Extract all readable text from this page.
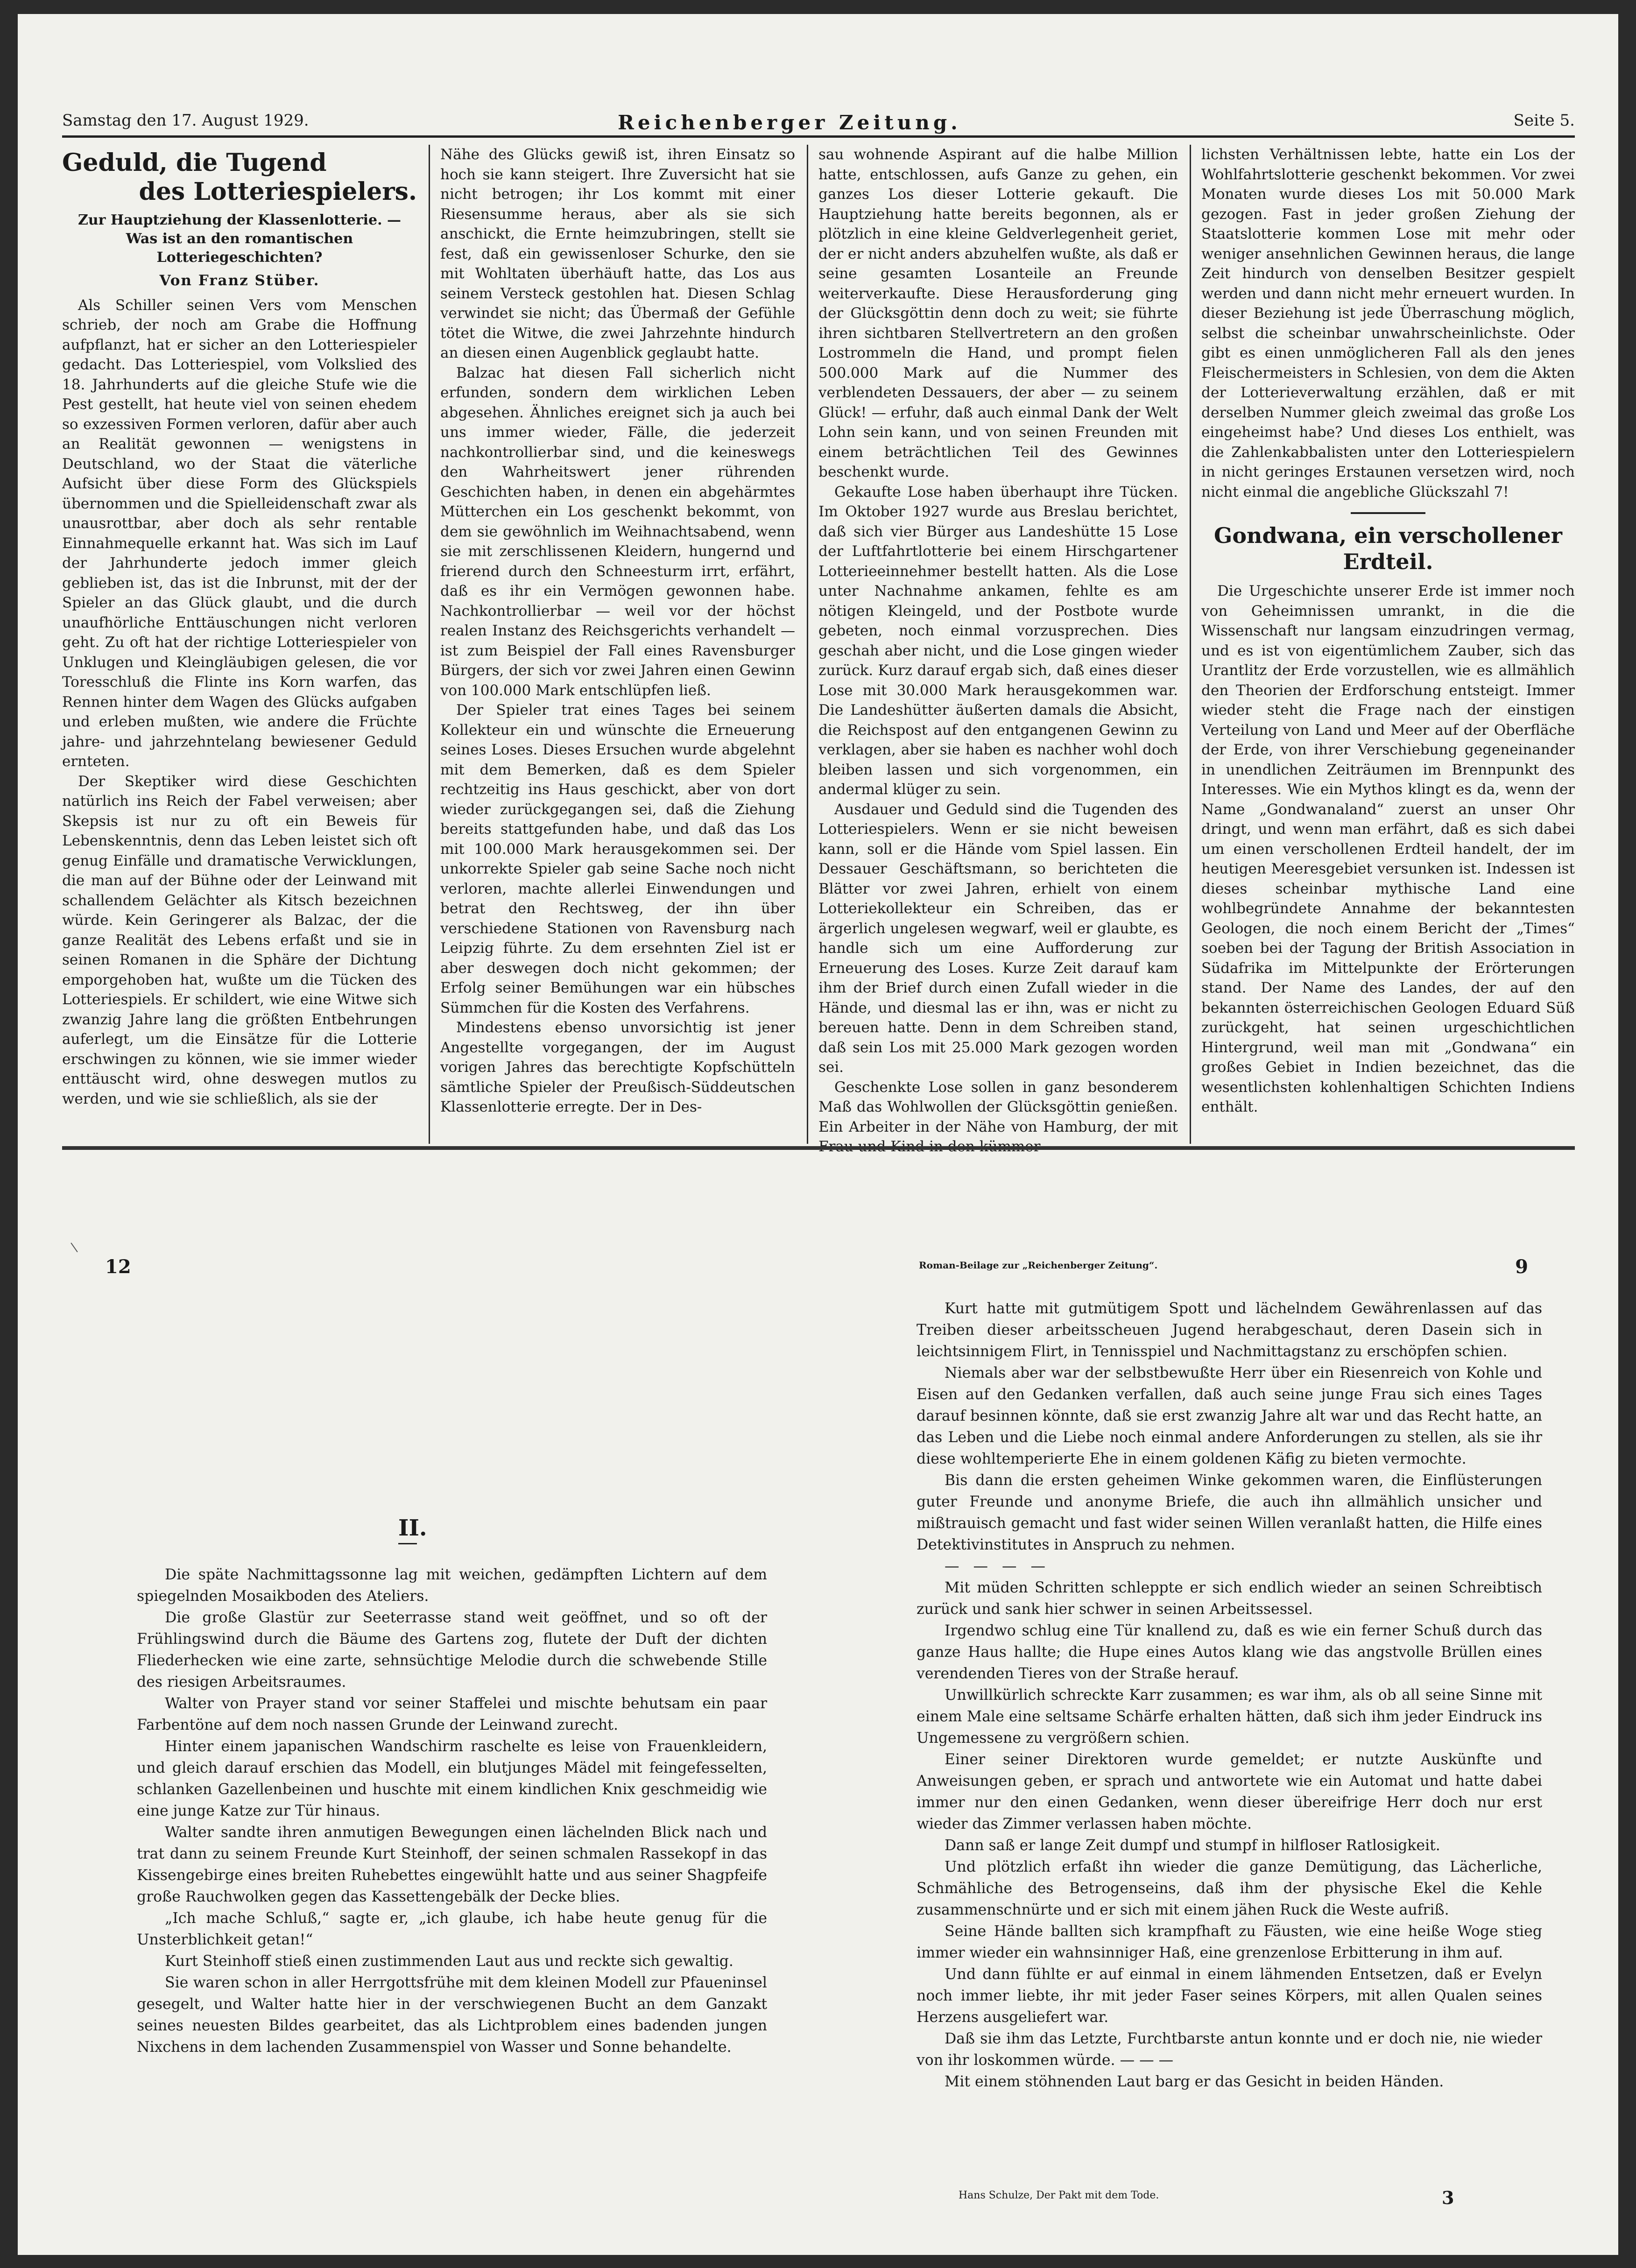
Samstag den 17. August 1929.	Reichenberger Zeitung.	Seite 5.
Geduld, die Tugend
des Lotteriespielers.
Zur Hauptziehung der Klassenlotterie. — Was ist an den romantischen Lotteriegeschichten?
Von Franz Stüber.

Als Schiller seinen Vers vom Menschen schrieb, der noch am Grabe die Hoffnung aufpflanzt, hat er sicher an den Lotteriespieler gedacht. Das Lotteriespiel, vom Volkslied des 18. Jahrhunderts auf die gleiche Stufe wie die Pest gestellt, hat heute viel von seinen ehedem so exzessiven Formen verloren, dafür aber auch an Realität gewonnen — wenigstens in Deutschland, wo der Staat die väterliche Aufsicht über diese Form des Glückspiels übernommen und die Spielleidenschaft zwar als unausrottbar, aber doch als sehr rentable Einnahmequelle erkannt hat. Was sich im Lauf der Jahrhunderte jedoch immer gleich geblieben ist, das ist die Inbrunst, mit der der Spieler an das Glück glaubt, und die durch unaufhörliche Enttäuschungen nicht verloren geht. Zu oft hat der richtige Lotteriespieler von Unklugen und Kleingläubigen gelesen, die vor Toresschluß die Flinte ins Korn warfen, das Rennen hinter dem Wagen des Glücks aufgaben und erleben mußten, wie andere die Früchte jahre- und jahrzehntelang bewiesener Geduld ernteten.

Der Skeptiker wird diese Geschichten natürlich ins Reich der Fabel verweisen; aber Skepsis ist nur zu oft ein Beweis für Lebenskenntnis, denn das Leben leistet sich oft genug Einfälle und dramatische Verwicklungen, die man auf der Bühne oder der Leinwand mit schallendem Gelächter als Kitsch bezeichnen würde. Kein Geringerer als Balzac, der die ganze Realität des Lebens erfaßt und sie in seinen Romanen in die Sphäre der Dichtung emporgehoben hat, wußte um die Tücken des Lotteriespiels. Er schildert, wie eine Witwe sich zwanzig Jahre lang die größten Entbehrungen auferlegt, um die Einsätze für die Lotterie erschwingen zu können, wie sie immer wieder enttäuscht wird, ohne deswegen mutlos zu werden, und wie sie schließlich, als sie der

Nähe des Glücks gewiß ist, ihren Einsatz so hoch sie kann steigert. Ihre Zuversicht hat sie nicht betrogen; ihr Los kommt mit einer Riesensumme heraus, aber als sie sich anschickt, die Ernte heimzubringen, stellt sie fest, daß ein gewissenloser Schurke, den sie mit Wohltaten überhäuft hatte, das Los aus seinem Versteck gestohlen hat. Diesen Schlag verwindet sie nicht; das Übermaß der Gefühle tötet die Witwe, die zwei Jahrzehnte hindurch an diesen einen Augenblick geglaubt hatte.

Balzac hat diesen Fall sicherlich nicht erfunden, sondern dem wirklichen Leben abgesehen. Ähnliches ereignet sich ja auch bei uns immer wieder, Fälle, die jederzeit nachkontrollierbar sind, und die keineswegs den Wahrheitswert jener rührenden Geschichten haben, in denen ein abgehärmtes Mütterchen ein Los geschenkt bekommt, von dem sie gewöhnlich im Weihnachtsabend, wenn sie mit zerschlissenen Kleidern, hungernd und frierend durch den Schneesturm irrt, erfährt, daß es ihr ein Vermögen gewonnen habe. Nachkontrollierbar — weil vor der höchst realen Instanz des Reichsgerichts verhandelt — ist zum Beispiel der Fall eines Ravensburger Bürgers, der sich vor zwei Jahren einen Gewinn von 100.000 Mark entschlüpfen ließ.

Der Spieler trat eines Tages bei seinem Kollekteur ein und wünschte die Erneuerung seines Loses. Dieses Ersuchen wurde abgelehnt mit dem Bemerken, daß es dem Spieler rechtzeitig ins Haus geschickt, aber von dort wieder zurückgegangen sei, daß die Ziehung bereits stattgefunden habe, und daß das Los mit 100.000 Mark herausgekommen sei. Der unkorrekte Spieler gab seine Sache noch nicht verloren, machte allerlei Einwendungen und betrat den Rechtsweg, der ihn über verschiedene Stationen von Ravensburg nach Leipzig führte. Zu dem ersehnten Ziel ist er aber deswegen doch nicht gekommen; der Erfolg seiner Bemühungen war ein hübsches Sümmchen für die Kosten des Verfahrens.

Mindestens ebenso unvorsichtig ist jener Angestellte vorgegangen, der im August vorigen Jahres das berechtigte Kopfschütteln sämtliche Spieler der Preußisch-Süddeutschen Klassenlotterie erregte. Der in Des-

sau wohnende Aspirant auf die halbe Million hatte, entschlossen, aufs Ganze zu gehen, ein ganzes Los dieser Lotterie gekauft. Die Hauptziehung hatte bereits begonnen, als er plötzlich in eine kleine Geldverlegenheit geriet, der er nicht anders abzuhelfen wußte, als daß er seine gesamten Losanteile an Freunde weiterverkaufte. Diese Herausforderung ging der Glücksgöttin denn doch zu weit; sie führte ihren sichtbaren Stellvertretern an den großen Lostrommeln die Hand, und prompt fielen 500.000 Mark auf die Nummer des verblendeten Dessauers, der aber — zu seinem Glück! — erfuhr, daß auch einmal Dank der Welt Lohn sein kann, und von seinen Freunden mit einem beträchtlichen Teil des Gewinnes beschenkt wurde.

Gekaufte Lose haben überhaupt ihre Tücken. Im Oktober 1927 wurde aus Breslau berichtet, daß sich vier Bürger aus Landeshütte 15 Lose der Luftfahrtlotterie bei einem Hirschgartener Lotterieeinnehmer bestellt hatten. Als die Lose unter Nachnahme ankamen, fehlte es am nötigen Kleingeld, und der Postbote wurde gebeten, noch einmal vorzusprechen. Dies geschah aber nicht, und die Lose gingen wieder zurück. Kurz darauf ergab sich, daß eines dieser Lose mit 30.000 Mark herausgekommen war. Die Landeshütter äußerten damals die Absicht, die Reichspost auf den entgangenen Gewinn zu verklagen, aber sie haben es nachher wohl doch bleiben lassen und sich vorgenommen, ein andermal klüger zu sein.

Ausdauer und Geduld sind die Tugenden des Lotteriespielers. Wenn er sie nicht beweisen kann, soll er die Hände vom Spiel lassen. Ein Dessauer Geschäftsmann, so berichteten die Blätter vor zwei Jahren, erhielt von einem Lotteriekollekteur ein Schreiben, das er ärgerlich ungelesen wegwarf, weil er glaubte, es handle sich um eine Aufforderung zur Erneuerung des Loses. Kurze Zeit darauf kam ihm der Brief durch einen Zufall wieder in die Hände, und diesmal las er ihn, was er nicht zu bereuen hatte. Denn in dem Schreiben stand, daß sein Los mit 25.000 Mark gezogen worden sei.

Geschenkte Lose sollen in ganz besonderem Maß das Wohlwollen der Glücksgöttin genießen. Ein Arbeiter in der Nähe von Hamburg, der mit

lichsten Verhältnissen lebte, hatte ein Los der Wohlfahrtslotterie geschenkt bekommen. Vor zwei Monaten wurde dieses Los mit 50.000 Mark gezogen. Fast in jeder großen Ziehung der Staatslotterie kommen Lose mit mehr oder weniger ansehnlichen Gewinnen heraus, die lange Zeit hindurch von denselben Besitzer gespielt werden und dann nicht mehr erneuert wurden. In dieser Beziehung ist jede Überraschung möglich, selbst die scheinbar unwahrscheinlichste. Oder gibt es einen unmöglicheren Fall als den jenes Fleischermeisters in Schlesien, von dem die Akten der Lotterieverwaltung erzählen, daß er mit derselben Nummer gleich zweimal das große Los eingeheimst habe? Und dieses Los enthielt, was die Zahlenkabbalisten unter den Lotteriespielern in nicht geringes Erstaunen versetzen wird, noch nicht einmal die angebliche Glückszahl 7!

Gondwana, ein verschollener Erdteil.

Die Urgeschichte unserer Erde ist immer noch von Geheimnissen umrankt, in die die Wissenschaft nur langsam einzudringen vermag, und es ist von eigentümlichem Zauber, sich das Urantlitz der Erde vorzustellen, wie es allmählich den Theorien der Erdforschung entsteigt. Immer wieder steht die Frage nach der einstigen Verteilung von Land und Meer auf der Oberfläche der Erde, von ihrer Verschiebung gegeneinander in unendlichen Zeiträumen im Brennpunkt des Interesses. Wie ein Mythos klingt es da, wenn der Name „Gondwanaland“ zuerst an unser Ohr dringt, und wenn man erfährt, daß es sich dabei um einen verschollenen Erdteil handelt, der im heutigen Meeresgebiet versunken ist. Indessen ist dieses scheinbar mythische Land eine wohlbegründete Annahme der bekanntesten Geologen, die noch einem Bericht der „Times“ soeben bei der Tagung der British Association in Südafrika im Mittelpunkte der Erörterungen stand. Der Name des Landes, der auf den bekannten österreichischen Geologen Eduard Süß zurückgeht, hat seinen urgeschichtlichen Hintergrund, weil man mit „Gondwana“ ein großes Gebiet in Indien bezeichnet, das die wesentlichsten kohlenhaltigen Schichten Indiens enthält.

12	Roman-Beilage zur „Reichenberger Zeitung“.	9
II.

Die späte Nachmittagssonne lag mit weichen, gedämpften Lichtern auf dem spiegelnden Mosaikboden des Ateliers.

Die große Glastür zur Seeterrasse stand weit geöffnet, und so oft der Frühlingswind durch die Bäume des Gartens zog, flutete der Duft der dichten Fliederhecken wie eine zarte, sehnsüchtige Melodie durch die schwebende Stille des riesigen Arbeitsraumes.

Walter von Prayer stand vor seiner Staffelei und mischte behutsam ein paar Farbentöne auf dem noch nassen Grunde der Leinwand zurecht.

Hinter einem japanischen Wandschirm raschelte es leise von Frauenkleidern, und gleich darauf erschien das Modell, ein blutjunges Mädel mit feingefesselten, schlanken Gazellenbeinen und huschte mit einem kindlichen Knix geschmeidig wie eine junge Katze zur Tür hinaus.

Walter sandte ihren anmutigen Bewegungen einen lächelnden Blick nach und trat dann zu seinem Freunde Kurt Steinhoff, der seinen schmalen Rassekopf in das Kissengebirge eines breiten Ruhebettes eingewühlt hatte und aus seiner Shagpfeife große Rauchwolken gegen das Kassettengebälk der Decke blies.

„Ich mache Schluß,“ sagte er, „ich glaube, ich habe heute genug für die Unsterblichkeit getan!“

Kurt Steinhoff stieß einen zustimmenden Laut aus und reckte sich gewaltig.

Sie waren schon in aller Herrgottsfrühe mit dem kleinen Modell zur Pfaueninsel gesegelt, und Walter hatte hier in der verschwiegenen Bucht an dem Ganzakt seines neuesten Bildes gearbeitet, das als Lichtproblem eines badenden jungen Nixchens in dem lachenden Zusammenspiel von Wasser und Sonne behandelte.

Kurt hatte mit gutmütigem Spott und lächelndem Gewährenlassen auf das Treiben dieser arbeitsscheuen Jugend herabgeschaut, deren Dasein sich in leichtsinnigem Flirt, in Tennisspiel und Nachmittagstanz zu erschöpfen schien.

Niemals aber war der selbstbewußte Herr über ein Riesenreich von Kohle und Eisen auf den Gedanken verfallen, daß auch seine junge Frau sich eines Tages darauf besinnen könnte, daß sie erst zwanzig Jahre alt war und das Recht hatte, an das Leben und die Liebe noch einmal andere Anforderungen zu stellen, als sie ihr diese wohltemperierte Ehe in einem goldenen Käfig zu bieten vermochte.

Bis dann die ersten geheimen Winke gekommen waren, die Einflüsterungen guter Freunde und anonyme Briefe, die auch ihn allmählich unsicher und mißtrauisch gemacht und fast wider seinen Willen veranlaßt hatten, die Hilfe eines Detektivinstitutes in Anspruch zu nehmen.

— — — —

Mit müden Schritten schleppte er sich endlich wieder an seinen Schreibtisch zurück und sank hier schwer in seinen Arbeitssessel.

Irgendwo schlug eine Tür knallend zu, daß es wie ein ferner Schuß durch das ganze Haus hallte; die Hupe eines Autos klang wie das angstvolle Brüllen eines verendenden Tieres von der Straße herauf.

Unwillkürlich schreckte Karr zusammen; es war ihm, als ob all seine Sinne mit einem Male eine seltsame Schärfe erhalten hätten, daß sich ihm jeder Eindruck ins Ungemessene zu vergrößern schien.

Einer seiner Direktoren wurde gemeldet; er nutzte Auskünfte und Anweisungen geben, er sprach und antwortete wie ein Automat und hatte dabei immer nur den einen Gedanken, wenn dieser übereifrige Herr doch nur erst wieder das Zimmer verlassen haben möchte.

Dann saß er lange Zeit dumpf und stumpf in hilfloser Ratlosigkeit.

Und plötzlich erfaßt ihn wieder die ganze Demütigung, das Lächerliche, Schmähliche des Betrogenseins, daß ihm der physische Ekel die Kehle zusammenschnürte und er sich mit einem jähen Ruck die Weste aufriß.

Seine Hände ballten sich krampfhaft zu Fäusten, wie eine heiße Woge stieg immer wieder ein wahnsinniger Haß, eine grenzenlose Erbitterung in ihm auf.

Und dann fühlte er auf einmal in einem lähmenden Entsetzen, daß er Evelyn noch immer liebte, ihr mit jeder Faser seines Körpers, mit allen Qualen seines Herzens ausgeliefert war.

Daß sie ihm das Letzte, Furchtbarste antun konnte und er doch nie, nie wieder von ihr loskommen würde. — — —

Mit einem stöhnenden Laut barg er das Gesicht in beiden Händen.

Hans Schulze, Der Pakt mit dem Tode.	3
